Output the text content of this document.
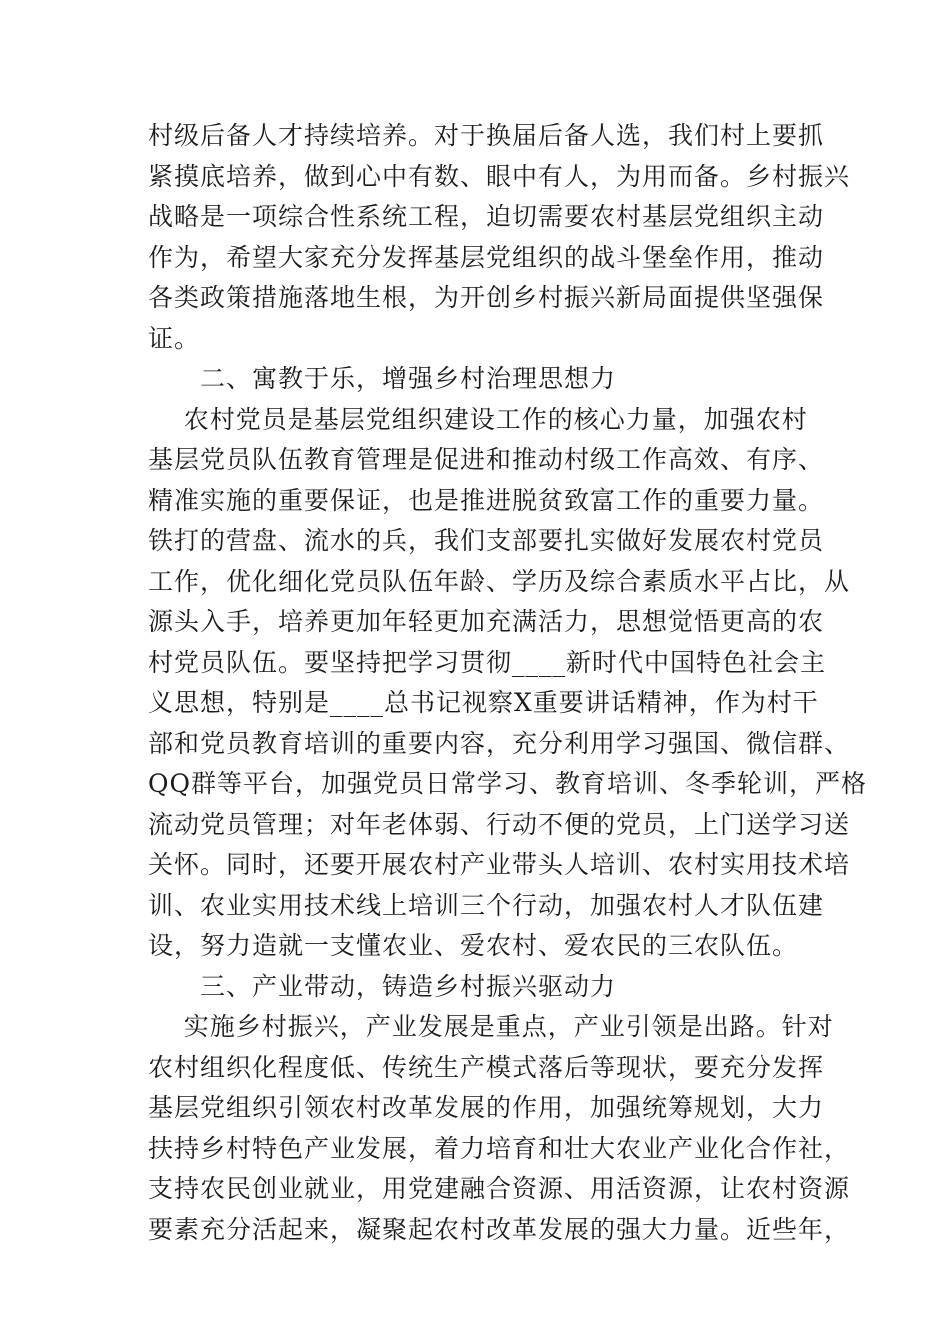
村级后备人才持续培养。对于换届后备人选，我们村上要抓
紧摸底培养，做到心中有数、眼中有人，为用而备。乡村振兴
战略是一项综合性系统工程，迫切需要农村基层党组织主动
作为，希望大家充分发挥基层党组织的战斗堡垒作用，推动
各类政策措施落地生根，为开创乡村振兴新局面提供坚强保
证。
二、寓教于乐，增强乡村治理思想力
农村党员是基层党组织建设工作的核心力量，加强农村
基层党员队伍教育管理是促进和推动村级工作高效、有序、
精准实施的重要保证，也是推进脱贫致富工作的重要力量。
铁打的营盘、流水的兵，我们支部要扎实做好发展农村党员
工作，优化细化党员队伍年龄、学历及综合素质水平占比，从
源头入手，培养更加年轻更加充满活力，思想觉悟更高的农
村党员队伍。要坚持把学习贯彻____新时代中国特色社会主
义思想，特别是____总书记视察X重要讲话精神，作为村干
部和党员教育培训的重要内容，充分利用学习强国、微信群、
QQ群等平台，加强党员日常学习、教育培训、冬季轮训，严格
流动党员管理；对年老体弱、行动不便的党员，上门送学习送
关怀。同时，还要开展农村产业带头人培训、农村实用技术培
训、农业实用技术线上培训三个行动，加强农村人才队伍建
设，努力造就一支懂农业、爱农村、爱农民的三农队伍。
三、产业带动，铸造乡村振兴驱动力
实施乡村振兴，产业发展是重点，产业引领是出路。针对
农村组织化程度低、传统生产模式落后等现状，要充分发挥
基层党组织引领农村改革发展的作用，加强统筹规划，大力
扶持乡村特色产业发展，着力培育和壮大农业产业化合作社，
支持农民创业就业，用党建融合资源、用活资源，让农村资源
要素充分活起来，凝聚起农村改革发展的强大力量。近些年，
